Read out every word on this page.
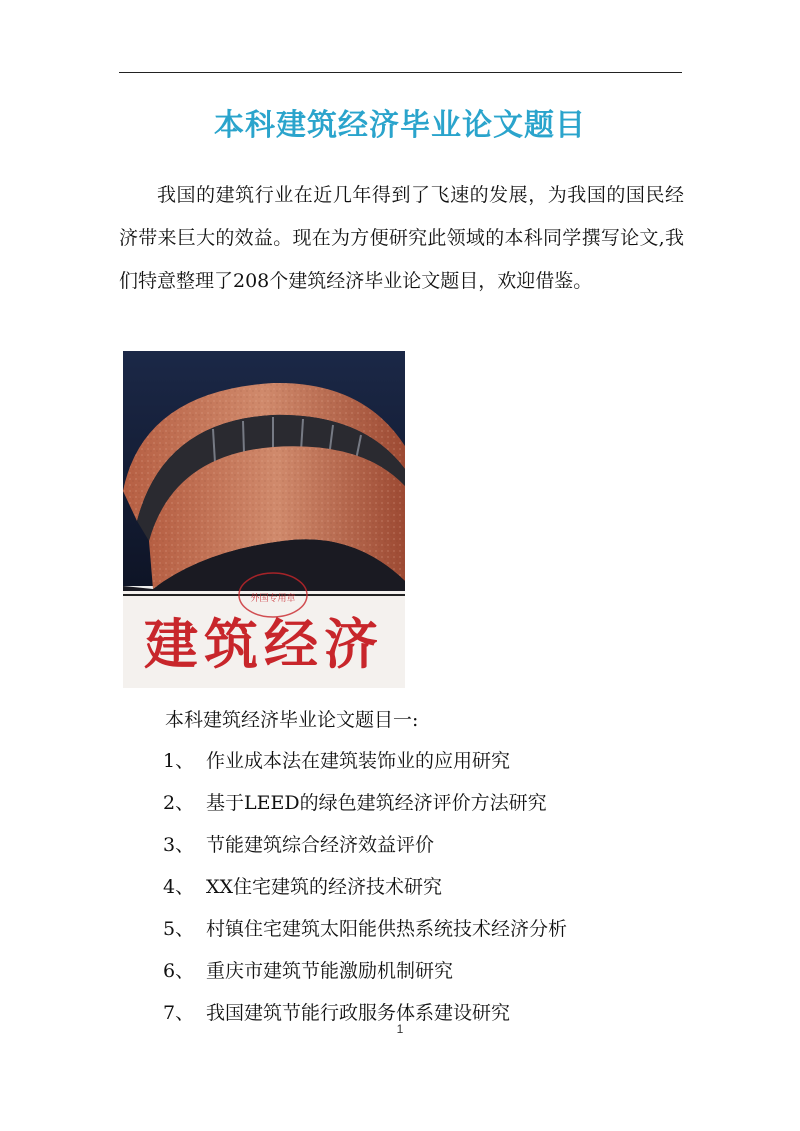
本科建筑经济毕业论文题目

我国的建筑行业在近几年得到了飞速的发展，为我国的国民经济带来巨大的效益。现在为方便研究此领域的本科同学撰写论文,我们特意整理了208个建筑经济毕业论文题目，欢迎借鉴。

外国专用章
建筑经济
本科建筑经济毕业论文题目一:
1、 作业成本法在建筑装饰业的应用研究
2、 基于LEED的绿色建筑经济评价方法研究
3、 节能建筑综合经济效益评价
4、 XX住宅建筑的经济技术研究
5、 村镇住宅建筑太阳能供热系统技术经济分析
6、 重庆市建筑节能激励机制研究
7、 我国建筑节能行政服务体系建设研究
1
